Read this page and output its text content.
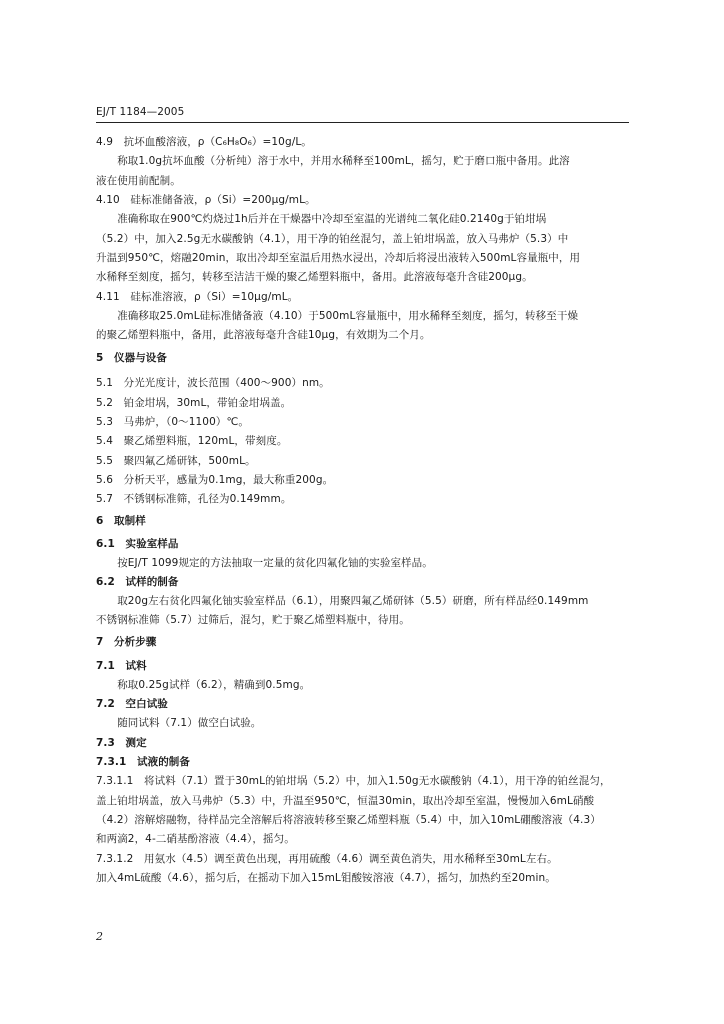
EJ/T 1184—2005
4.9　抗坏血酸溶液，ρ（C₆H₈O₆）=10g/L。
　　称取1.0g抗坏血酸（分析纯）溶于水中，并用水稀释至100mL，摇匀，贮于磨口瓶中备用。此溶
液在使用前配制。
4.10　硅标准储备液，ρ（Si）=200μg/mL。
　　准确称取在900℃灼烧过1h后并在干燥器中冷却至室温的光谱纯二氧化硅0.2140g于铂坩埚
（5.2）中，加入2.5g无水碳酸钠（4.1），用干净的铂丝混匀，盖上铂坩埚盖，放入马弗炉（5.3）中
升温到950℃，熔融20min，取出冷却至室温后用热水浸出，冷却后将浸出液转入500mL容量瓶中，用
水稀释至刻度，摇匀，转移至洁洁干燥的聚乙烯塑料瓶中，备用。此溶液每毫升含硅200μg。
4.11　硅标准溶液，ρ（Si）=10μg/mL。
　　准确移取25.0mL硅标准储备液（4.10）于500mL容量瓶中，用水稀释至刻度，摇匀，转移至干燥
的聚乙烯塑料瓶中，备用，此溶液每毫升含硅10μg，有效期为二个月。
5　仪器与设备
5.1　分光光度计，波长范围（400～900）nm。
5.2　铂金坩埚，30mL，带铂金坩埚盖。
5.3　马弗炉，（0～1100）℃。
5.4　聚乙烯塑料瓶，120mL，带刻度。
5.5　聚四氟乙烯研钵，500mL。
5.6　分析天平，感量为0.1mg，最大称重200g。
5.7　不锈钢标准筛，孔径为0.149mm。
6　取制样
6.1　实验室样品
　　按EJ/T 1099规定的方法抽取一定量的贫化四氟化铀的实验室样品。
6.2　试样的制备
　　取20g左右贫化四氟化铀实验室样品（6.1），用聚四氟乙烯研钵（5.5）研磨，所有样品经0.149mm
不锈钢标准筛（5.7）过筛后，混匀，贮于聚乙烯塑料瓶中，待用。
7　分析步骤
7.1　试料
　　称取0.25g试样（6.2），精确到0.5mg。
7.2　空白试验
　　随同试料（7.1）做空白试验。
7.3　测定
7.3.1　试液的制备
7.3.1.1　将试料（7.1）置于30mL的铂坩埚（5.2）中，加入1.50g无水碳酸钠（4.1），用干净的铂丝混匀，
盖上铂坩埚盖，放入马弗炉（5.3）中，升温至950℃，恒温30min，取出冷却至室温，慢慢加入6mL硝酸
（4.2）溶解熔融物，待样品完全溶解后将溶液转移至聚乙烯塑料瓶（5.4）中，加入10mL硼酸溶液（4.3）
和两滴2，4-二硝基酚溶液（4.4），摇匀。
7.3.1.2　用氨水（4.5）调至黄色出现，再用硫酸（4.6）调至黄色消失，用水稀释至30mL左右。
加入4mL硫酸（4.6），摇匀后，在摇动下加入15mL钼酸铵溶液（4.7），摇匀，加热约至20min。
2
